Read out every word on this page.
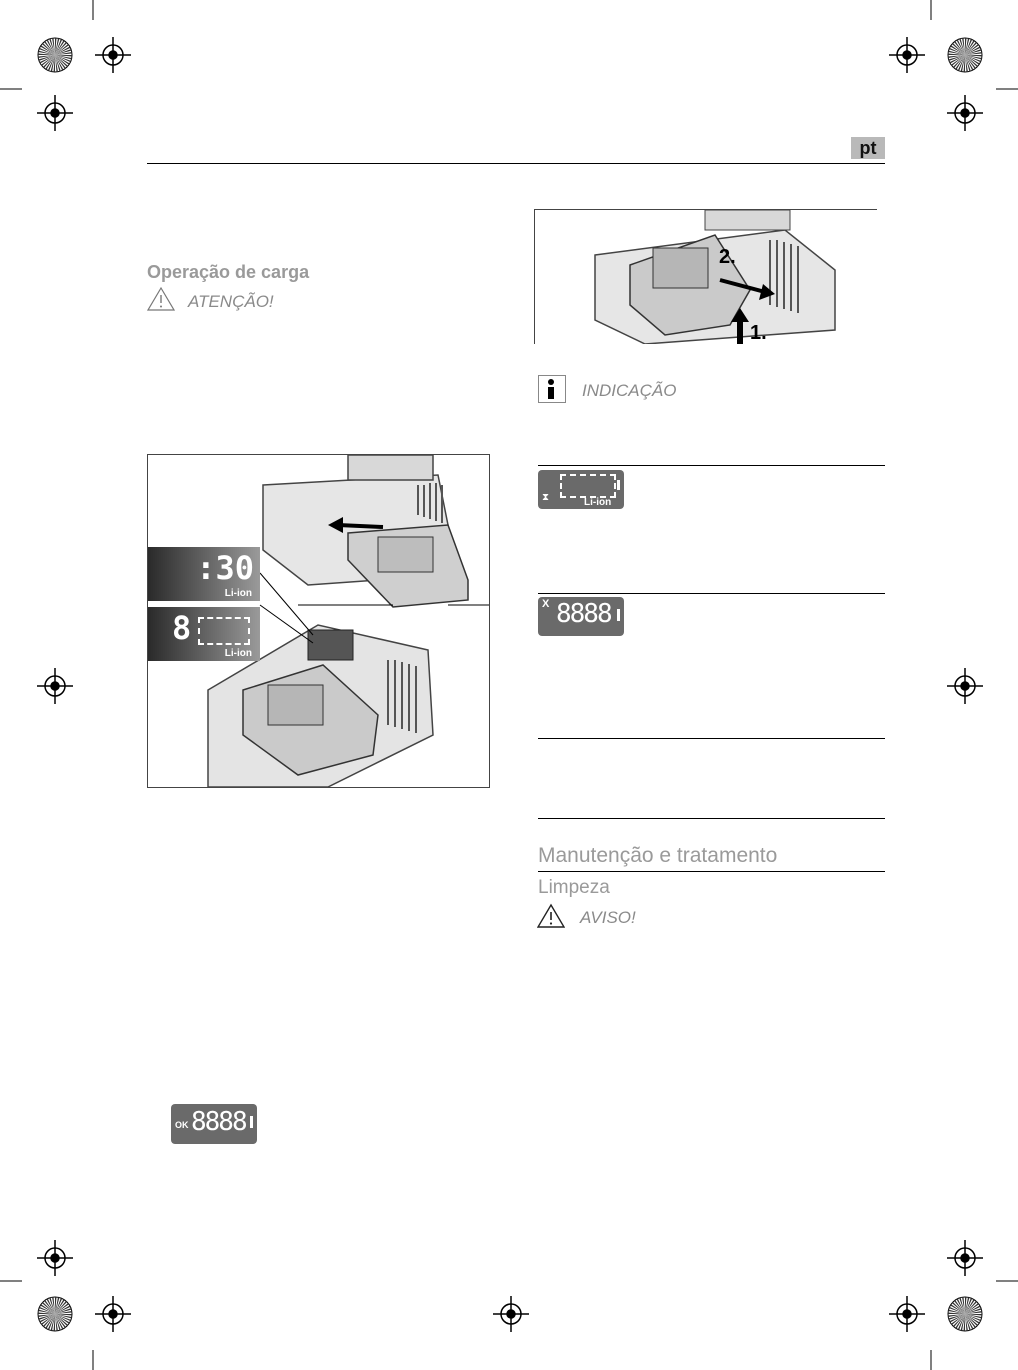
pt
Operação de carga
ATENÇÃO!
:30
Li-ion
8
Li-ion
OK 8888
2.
1.
INDICAÇÃO
⧗	Li-ion
X 8888
Manutenção e tratamento
Limpeza
AVISO!
